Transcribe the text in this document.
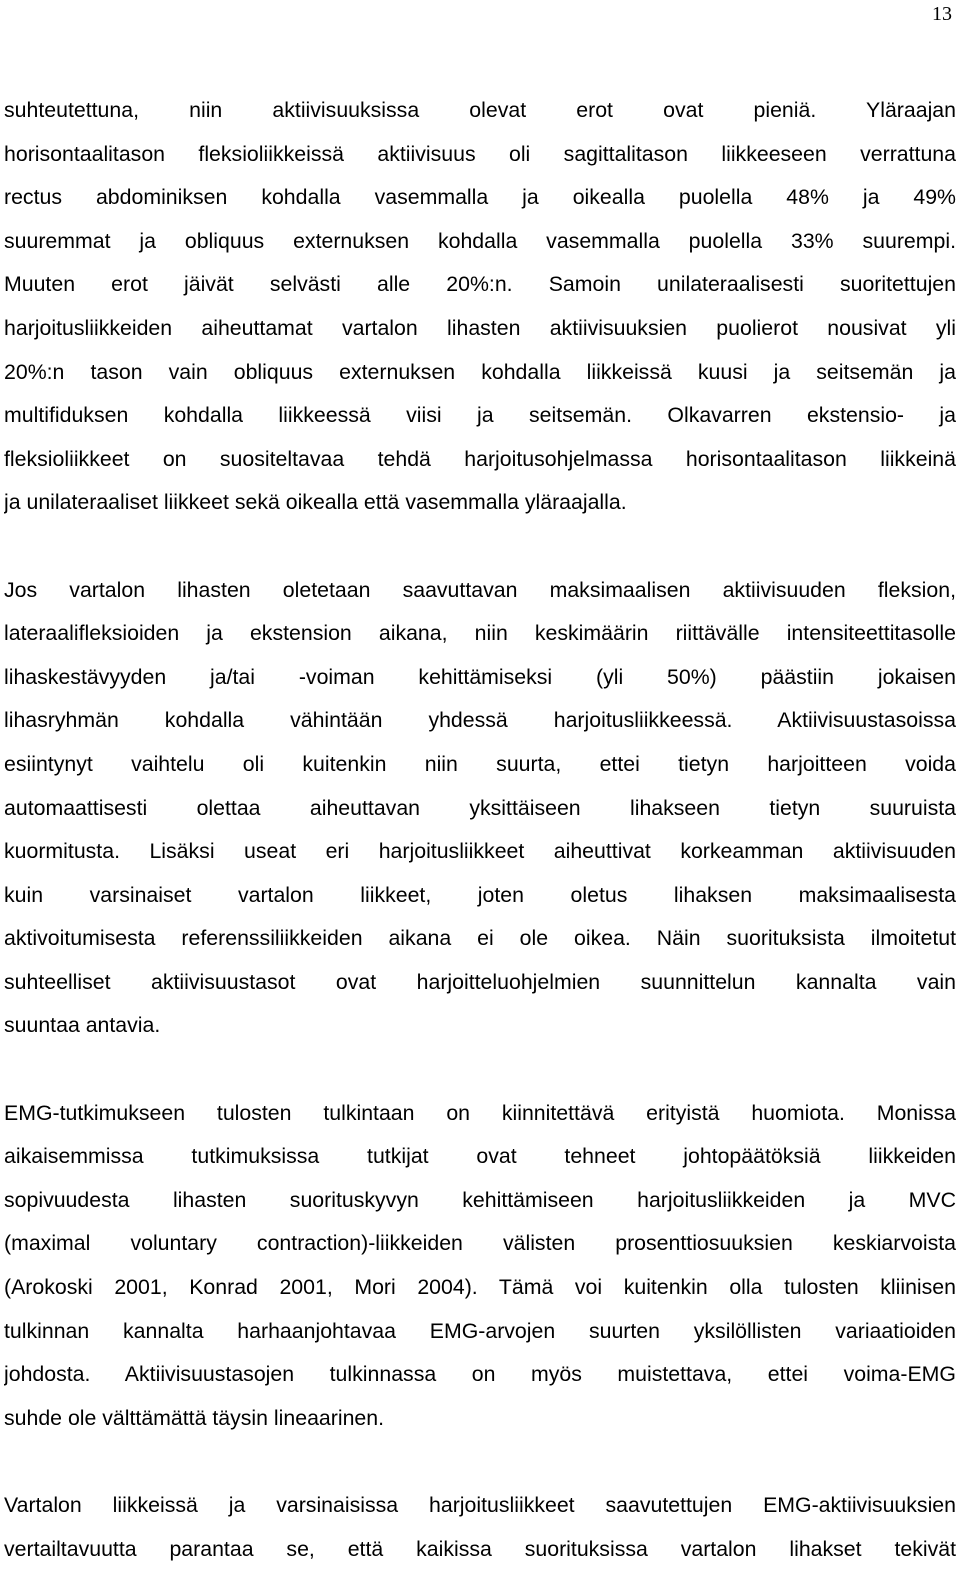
13
suhteutettuna, niin aktiivisuuksissa olevat erot ovat pieniä. Yläraajan
horisontaalitason fleksioliikkeissä aktiivisuus oli sagittalitason liikkeeseen verrattuna
rectus abdominiksen kohdalla vasemmalla ja oikealla puolella 48% ja 49%
suuremmat ja obliquus externuksen kohdalla vasemmalla puolella 33% suurempi.
Muuten erot jäivät selvästi alle 20%:n. Samoin unilateraalisesti suoritettujen
harjoitusliikkeiden aiheuttamat vartalon lihasten aktiivisuuksien puolierot nousivat yli
20%:n tason vain obliquus externuksen kohdalla liikkeissä kuusi ja seitsemän ja
multifiduksen kohdalla liikkeessä viisi ja seitsemän. Olkavarren ekstensio- ja
fleksioliikkeet on suositeltavaa tehdä harjoitusohjelmassa horisontaalitason liikkeinä
ja unilateraaliset liikkeet sekä oikealla että vasemmalla yläraajalla.
Jos vartalon lihasten oletetaan saavuttavan maksimaalisen aktiivisuuden fleksion,
lateraalifleksioiden ja ekstension aikana, niin keskimäärin riittävälle intensiteettitasolle
lihaskestävyyden ja/tai -voiman kehittämiseksi (yli 50%) päästiin jokaisen
lihasryhmän kohdalla vähintään yhdessä harjoitusliikkeessä. Aktiivisuustasoissa
esiintynyt vaihtelu oli kuitenkin niin suurta, ettei tietyn harjoitteen voida
automaattisesti olettaa aiheuttavan yksittäiseen lihakseen tietyn suuruista
kuormitusta. Lisäksi useat eri harjoitusliikkeet aiheuttivat korkeamman aktiivisuuden
kuin varsinaiset vartalon liikkeet, joten oletus lihaksen maksimaalisesta
aktivoitumisesta referenssiliikkeiden aikana ei ole oikea. Näin suorituksista ilmoitetut
suhteelliset aktiivisuustasot ovat harjoitteluohjelmien suunnittelun kannalta vain
suuntaa antavia.
EMG-tutkimukseen tulosten tulkintaan on kiinnitettävä erityistä huomiota. Monissa
aikaisemmissa tutkimuksissa tutkijat ovat tehneet johtopäätöksiä liikkeiden
sopivuudesta lihasten suorituskyvyn kehittämiseen harjoitusliikkeiden ja MVC
(maximal voluntary contraction)-liikkeiden välisten prosenttiosuuksien keskiarvoista
(Arokoski 2001, Konrad 2001, Mori 2004). Tämä voi kuitenkin olla tulosten kliinisen
tulkinnan kannalta harhaanjohtavaa EMG-arvojen suurten yksilöllisten variaatioiden
johdosta. Aktiivisuustasojen tulkinnassa on myös muistettava, ettei voima-EMG
suhde ole välttämättä täysin lineaarinen.
Vartalon liikkeissä ja varsinaisissa harjoitusliikkeet saavutettujen EMG-aktiivisuuksien
vertailtavuutta parantaa se, että kaikissa suorituksissa vartalon lihakset tekivät
